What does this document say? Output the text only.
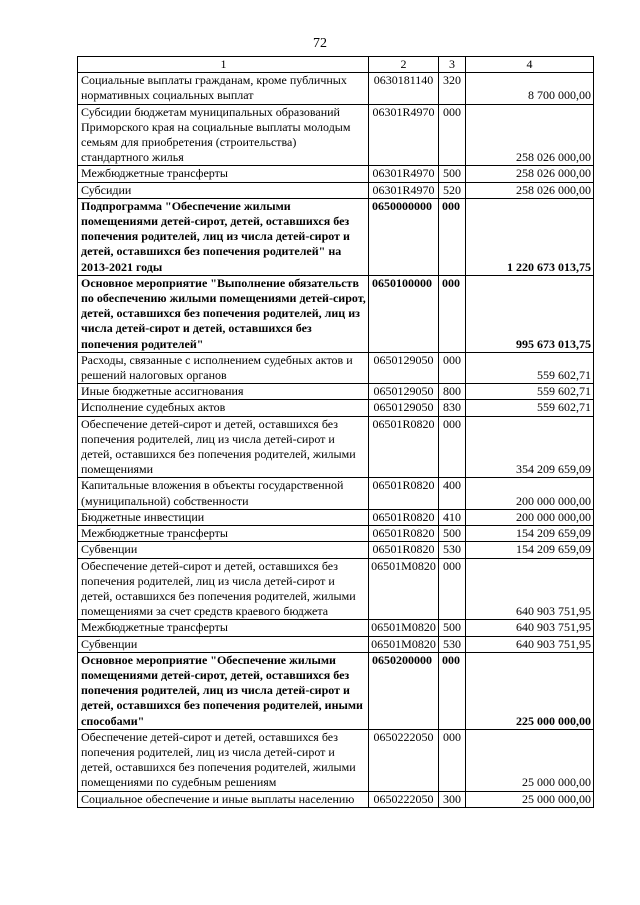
72
1	2	3	4
Социальные выплаты гражданам, кроме публичных нормативных социальных выплат	0630181140	320	8 700 000,00
Субсидии бюджетам муниципальных образований Приморского края на социальные выплаты молодым семьям для приобретения (строительства) стандартного жилья	06301R4970	000	258 026 000,00
Межбюджетные трансферты	06301R4970	500	258 026 000,00
Субсидии	06301R4970	520	258 026 000,00
Подпрограмма "Обеспечение жилыми помещениями детей-сирот, детей, оставшихся без попечения родителей, лиц из числа детей-сирот и детей, оставшихся без попечения родителей" на 2013-2021 годы	0650000000	000	1 220 673 013,75
Основное мероприятие "Выполнение обязательств по обеспечению жилыми помещениями детей-сирот, детей, оставшихся без попечения родителей, лиц из числа детей-сирот и детей, оставшихся без попечения родителей"	0650100000	000	995 673 013,75
Расходы, связанные с исполнением судебных актов и решений налоговых органов	0650129050	000	559 602,71
Иные бюджетные ассигнования	0650129050	800	559 602,71
Исполнение судебных актов	0650129050	830	559 602,71
Обеспечение детей-сирот и детей, оставшихся без попечения родителей, лиц из числа детей-сирот и детей, оставшихся без попечения родителей, жилыми помещениями	06501R0820	000	354 209 659,09
Капитальные вложения в объекты государственной (муниципальной) собственности	06501R0820	400	200 000 000,00
Бюджетные инвестиции	06501R0820	410	200 000 000,00
Межбюджетные трансферты	06501R0820	500	154 209 659,09
Субвенции	06501R0820	530	154 209 659,09
Обеспечение детей-сирот и детей, оставшихся без попечения родителей, лиц из числа детей-сирот и детей, оставшихся без попечения родителей, жилыми помещениями за счет средств краевого бюджета	06501M0820	000	640 903 751,95
Межбюджетные трансферты	06501M0820	500	640 903 751,95
Субвенции	06501M0820	530	640 903 751,95
Основное мероприятие "Обеспечение жилыми помещениями детей-сирот, детей, оставшихся без попечения родителей, лиц из числа детей-сирот и детей, оставшихся без попечения родителей, иными способами"	0650200000	000	225 000 000,00
Обеспечение детей-сирот и детей, оставшихся без попечения родителей, лиц из числа детей-сирот и детей, оставшихся без попечения родителей, жилыми помещениями по судебным решениям	0650222050	000	25 000 000,00
Социальное обеспечение и иные выплаты населению	0650222050	300	25 000 000,00
